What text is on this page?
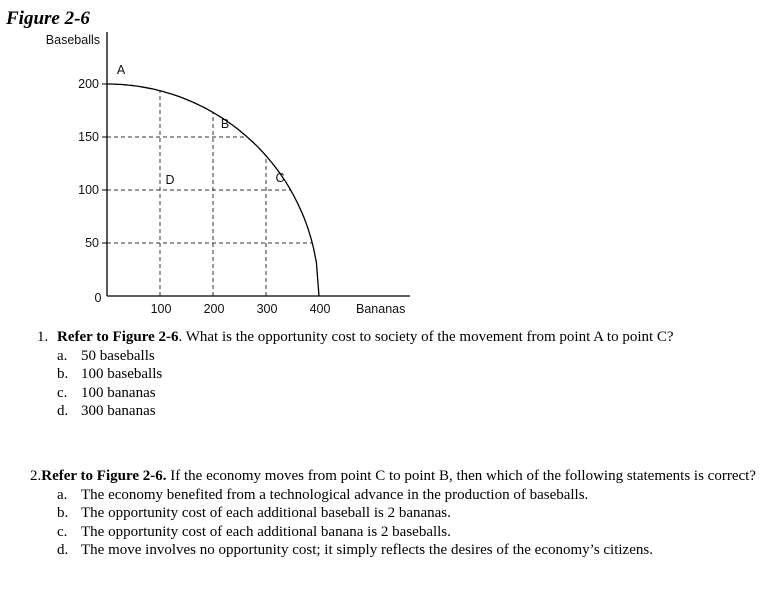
Figure 2-6
Baseballs
Bananas
0
50
100
150
200
100	200	300	400
A
B
C
D
1. Refer to Figure 2-6. What is the opportunity cost to society of the movement from point A to point C?
a. 50 baseballs
b. 100 baseballs
c. 100 bananas
d. 300 bananas
2.Refer to Figure 2-6. If the economy moves from point C to point B, then which of the following statements is correct?
a. The economy benefited from a technological advance in the production of baseballs.
b. The opportunity cost of each additional baseball is 2 bananas.
c. The opportunity cost of each additional banana is 2 baseballs.
d. The move involves no opportunity cost; it simply reflects the desires of the economy’s citizens.
